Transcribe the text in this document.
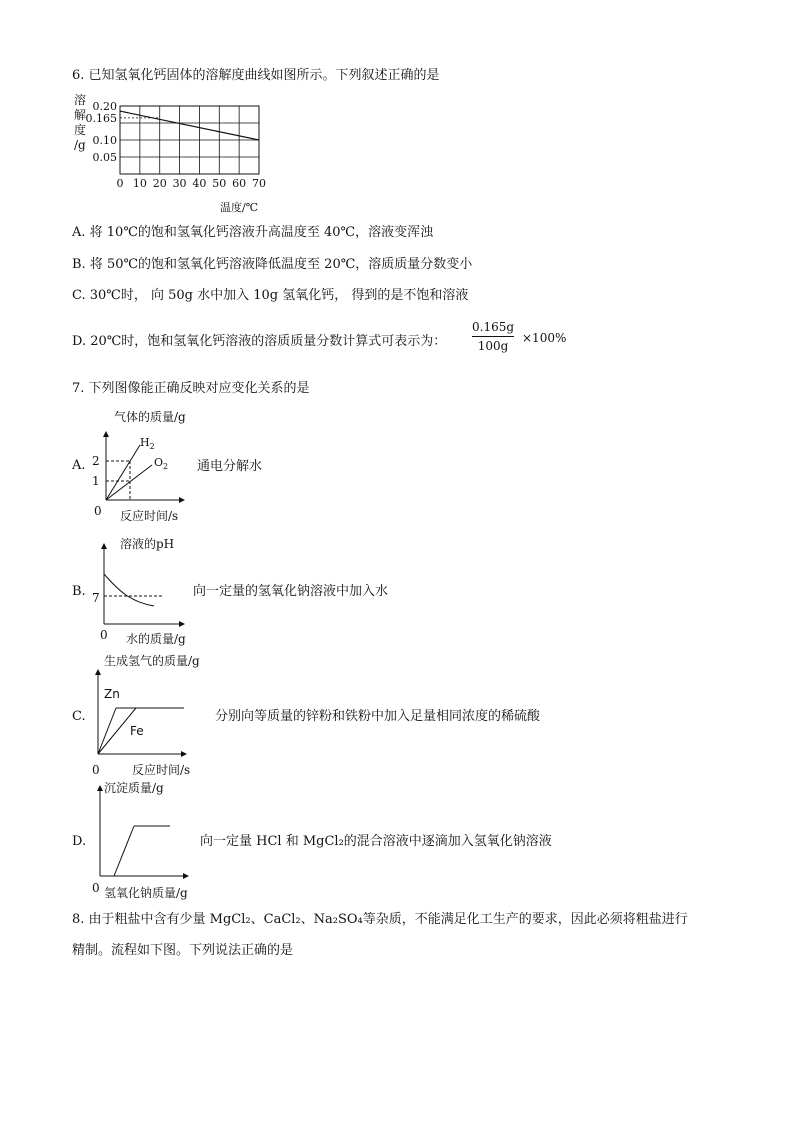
6. 已知氢氧化钙固体的溶解度曲线如图所示。下列叙述正确的是
溶
解
度
/g
0.20
0.165
0.10
0.05
0 10 20 30 40 50 60 70
温度/℃
A. 将 10℃的饱和氢氧化钙溶液升高温度至 40℃，溶液变浑浊
B. 将 50℃的饱和氢氧化钙溶液降低温度至 20℃，溶质质量分数变小
C. 30℃时， 向 50g 水中加入 10g 氢氧化钙， 得到的是不饱和溶液
D. 20℃时，饱和氢氧化钙溶液的溶质质量分数计算式可表示为：
0.165g
100g
×100%
7. 下列图像能正确反映对应变化关系的是
A.
气体的质量/g
2
1
$H_2$
$O_2$
0 反应时间/s
通电分解水
B.
溶液的pH
7
0 水的质量/g
向一定量的氢氧化钠溶液中加入水
C.
生成氢气的质量/g
Zn
Fe
0	反应时间/s
分别向等质量的锌粉和铁粉中加入足量相同浓度的稀硫酸
D.
沉淀质量/g
0 氢氧化钠质量/g
向一定量 HCl 和 MgCl₂的混合溶液中逐滴加入氢氧化钠溶液
8. 由于粗盐中含有少量 MgCl₂、CaCl₂、Na₂SO₄等杂质，不能满足化工生产的要求，因此必须将粗盐进行
精制。流程如下图。下列说法正确的是
